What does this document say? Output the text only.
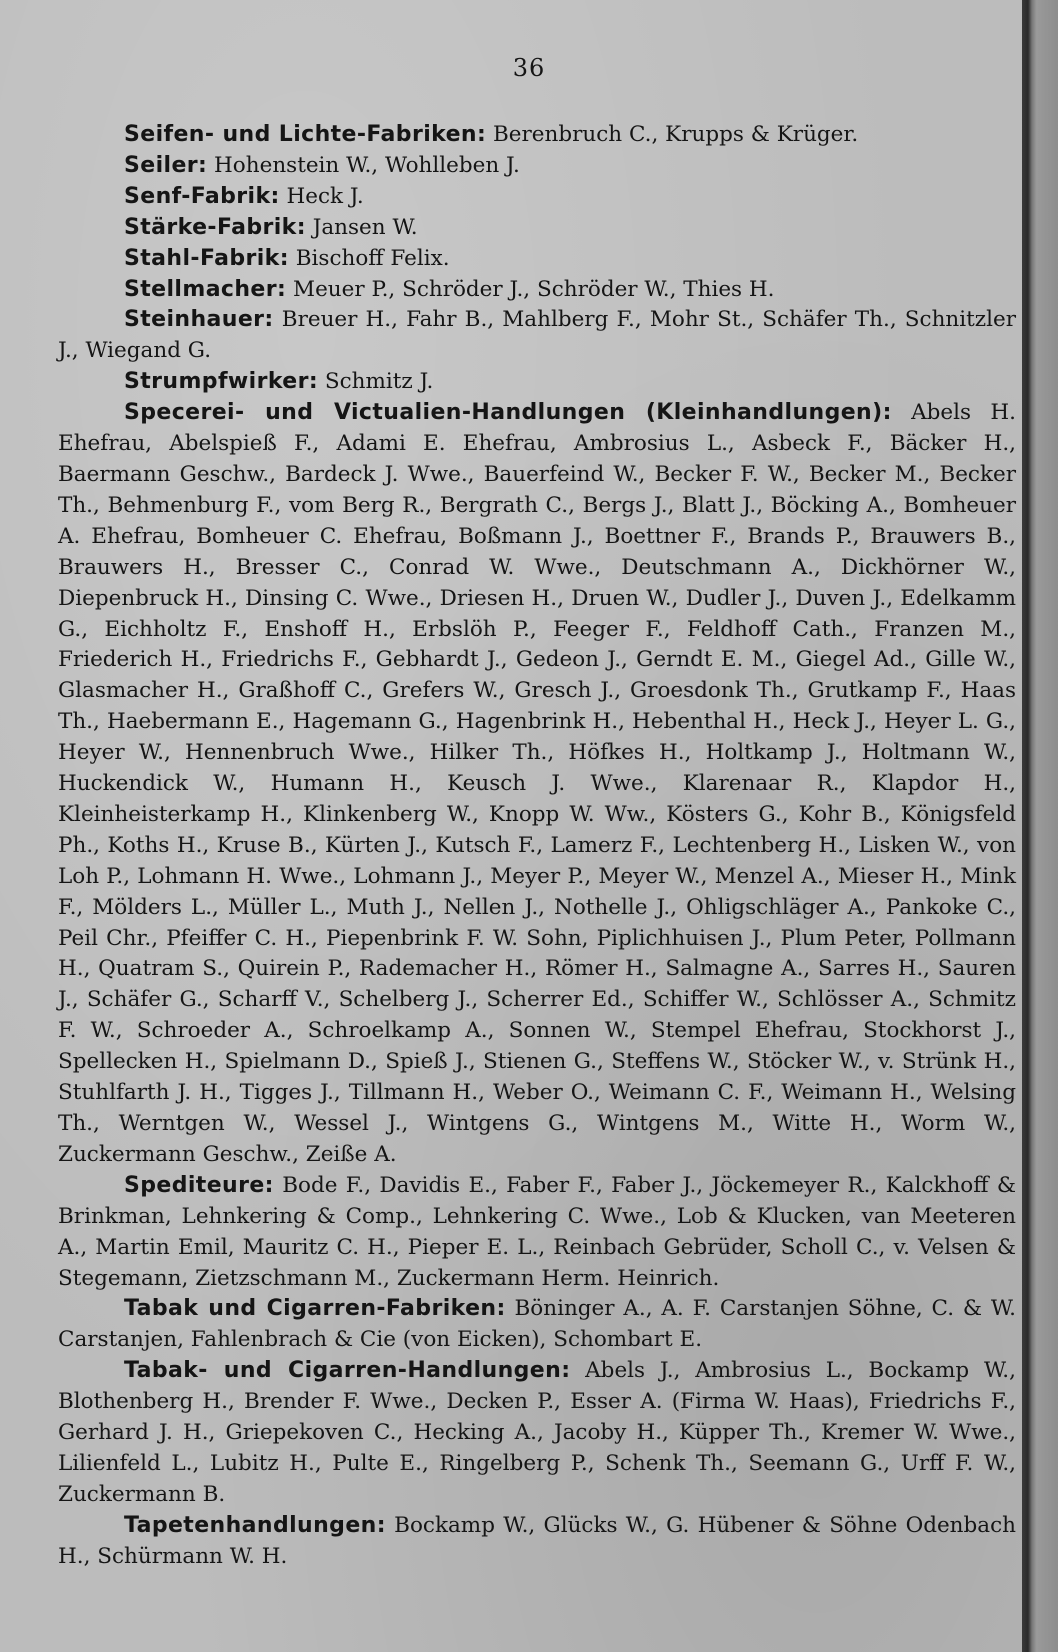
36

Seifen- und Lichte-Fabriken: Berenbruch C., Krupps & Krüger.

Seiler: Hohenstein W., Wohlleben J.

Senf-Fabrik: Heck J.

Stärke-Fabrik: Jansen W.

Stahl-Fabrik: Bischoff Felix.

Stellmacher: Meuer P., Schröder J., Schröder W., Thies H.

Steinhauer: Breuer H., Fahr B., Mahlberg F., Mohr St., Schäfer Th., Schnitzler J., Wiegand G.

Strumpfwirker: Schmitz J.

Specerei- und Victualien-Handlungen (Kleinhandlungen): Abels H. Ehefrau, Abelspieß F., Adami E. Ehefrau, Ambrosius L., Asbeck F., Bäcker H., Baermann Geschw., Bardeck J. Wwe., Bauerfeind W., Becker F. W., Becker M., Becker Th., Behmenburg F., vom Berg R., Bergrath C., Bergs J., Blatt J., Böcking A., Bomheuer A. Ehefrau, Bomheuer C. Ehefrau, Boßmann J., Boettner F., Brands P., Brauwers B., Brauwers H., Bresser C., Conrad W. Wwe., Deutschmann A., Dickhörner W., Diepenbruck H., Dinsing C. Wwe., Driesen H., Druen W., Dudler J., Duven J., Edelkamm G., Eichholtz F., Enshoff H., Erbslöh P., Feeger F., Feldhoff Cath., Franzen M., Friederich H., Friedrichs F., Gebhardt J., Gedeon J., Gerndt E. M., Giegel Ad., Gille W., Glasmacher H., Graßhoff C., Grefers W., Gresch J., Groesdonk Th., Grutkamp F., Haas Th., Haebermann E., Hagemann G., Hagenbrink H., Hebenthal H., Heck J., Heyer L. G., Heyer W., Hennenbruch Wwe., Hilker Th., Höfkes H., Holtkamp J., Holtmann W., Huckendick W., Humann H., Keusch J. Wwe., Klarenaar R., Klapdor H., Kleinheisterkamp H., Klinkenberg W., Knopp W. Ww., Kösters G., Kohr B., Königsfeld Ph., Koths H., Kruse B., Kürten J., Kutsch F., Lamerz F., Lechtenberg H., Lisken W., von Loh P., Lohmann H. Wwe., Lohmann J., Meyer P., Meyer W., Menzel A., Mieser H., Mink F., Mölders L., Müller L., Muth J., Nellen J., Nothelle J., Ohligschläger A., Pankoke C., Peil Chr., Pfeiffer C. H., Piepenbrink F. W. Sohn, Piplichhuisen J., Plum Peter, Pollmann H., Quatram S., Quirein P., Rademacher H., Römer H., Salmagne A., Sarres H., Sauren J., Schäfer G., Scharff V., Schelberg J., Scherrer Ed., Schiffer W., Schlösser A., Schmitz F. W., Schroeder A., Schroelkamp A., Sonnen W., Stempel Ehefrau, Stockhorst J., Spellecken H., Spielmann D., Spieß J., Stienen G., Steffens W., Stöcker W., v. Strünk H., Stuhlfarth J. H., Tigges J., Tillmann H., Weber O., Weimann C. F., Weimann H., Welsing Th., Werntgen W., Wessel J., Wintgens G., Wintgens M., Witte H., Worm W., Zuckermann Geschw., Zeiße A.

Spediteure: Bode F., Davidis E., Faber F., Faber J., Jöckemeyer R., Kalckhoff & Brinkman, Lehnkering & Comp., Lehnkering C. Wwe., Lob & Klucken, van Meeteren A., Martin Emil, Mauritz C. H., Pieper E. L., Reinbach Gebrüder, Scholl C., v. Velsen & Stegemann, Zietzschmann M., Zuckermann Herm. Heinrich.

Tabak und Cigarren-Fabriken: Böninger A., A. F. Carstanjen Söhne, C. & W. Carstanjen, Fahlenbrach & Cie (von Eicken), Schombart E.

Tabak- und Cigarren-Handlungen: Abels J., Ambrosius L., Bockamp W., Blothenberg H., Brender F. Wwe., Decken P., Esser A. (Firma W. Haas), Friedrichs F., Gerhard J. H., Griepekoven C., Hecking A., Jacoby H., Küpper Th., Kremer W. Wwe., Lilienfeld L., Lubitz H., Pulte E., Ringelberg P., Schenk Th., Seemann G., Urff F. W., Zuckermann B.

Tapetenhandlungen: Bockamp W., Glücks W., G. Hübener & Söhne Odenbach H., Schürmann W. H.
